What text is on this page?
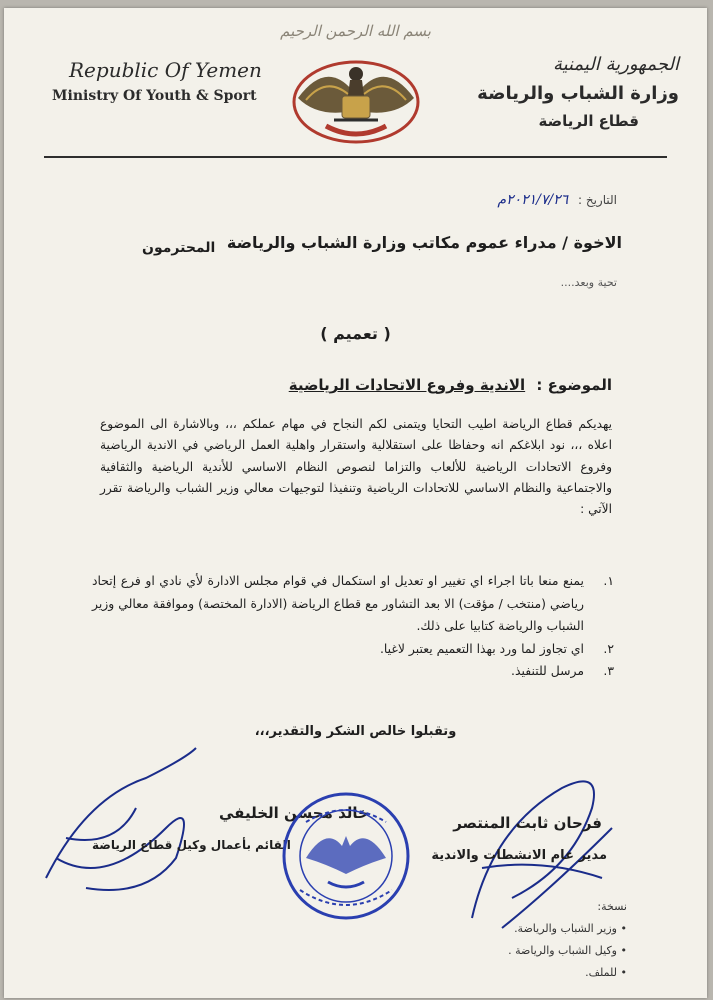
بسم الله الرحمن الرحيم
Republic Of Yemen
Ministry Of Youth & Sport
الجمهورية اليمنية
وزارة الشباب والرياضة
قطاع الرياضة
التاريخ : ٢٠٢١/٧/٢٦م
الاخوة / مدراء عموم مكاتب وزارة الشباب والرياضة
المحترمون
تحية وبعد....
( تعميم )
الموضوع : الاندية وفروع الاتحادات الرياضية

يهديكم قطاع الرياضة اطيب التحايا ويتمنى لكم النجاح في مهام عملكم ،،، وبالاشارة الى الموضوع اعلاه ،،، نود ابلاغكم انه وحفاظا على استقلالية واستقرار واهلية العمل الرياضي في الاندية الرياضية وفروع الاتحادات الرياضية للألعاب والتزاما لنصوص النظام الاساسي للأندية الرياضية والثقافية والاجتماعية والنظام الاساسي للاتحادات الرياضية وتنفيذا لتوجيهات معالي وزير الشباب والرياضة تقرر الآتي :

١.
يمنع منعا باتا اجراء اي تغيير او تعديل او استكمال في قوام مجلس الادارة لأي نادي او فرع إتحاد رياضي (منتخب / مؤقت) الا بعد التشاور مع قطاع الرياضة (الادارة المختصة) وموافقة معالي وزير الشباب والرياضة كتابيا على ذلك.
٢.
اي تجاوز لما ورد بهذا التعميم يعتبر لاغيا.
٣.
مرسل للتنفيذ.
وتقبلوا خالص الشكر والتقدير،،،
فرحان ثابت المنتصر
مدير عام الانشطات والاندية
خالد محسن الخليفي
القائم بأعمال وكيل قطاع الرياضة
نسخة:
• وزير الشباب والرياضة.
• وكيل الشباب والرياضة .
• للملف.
